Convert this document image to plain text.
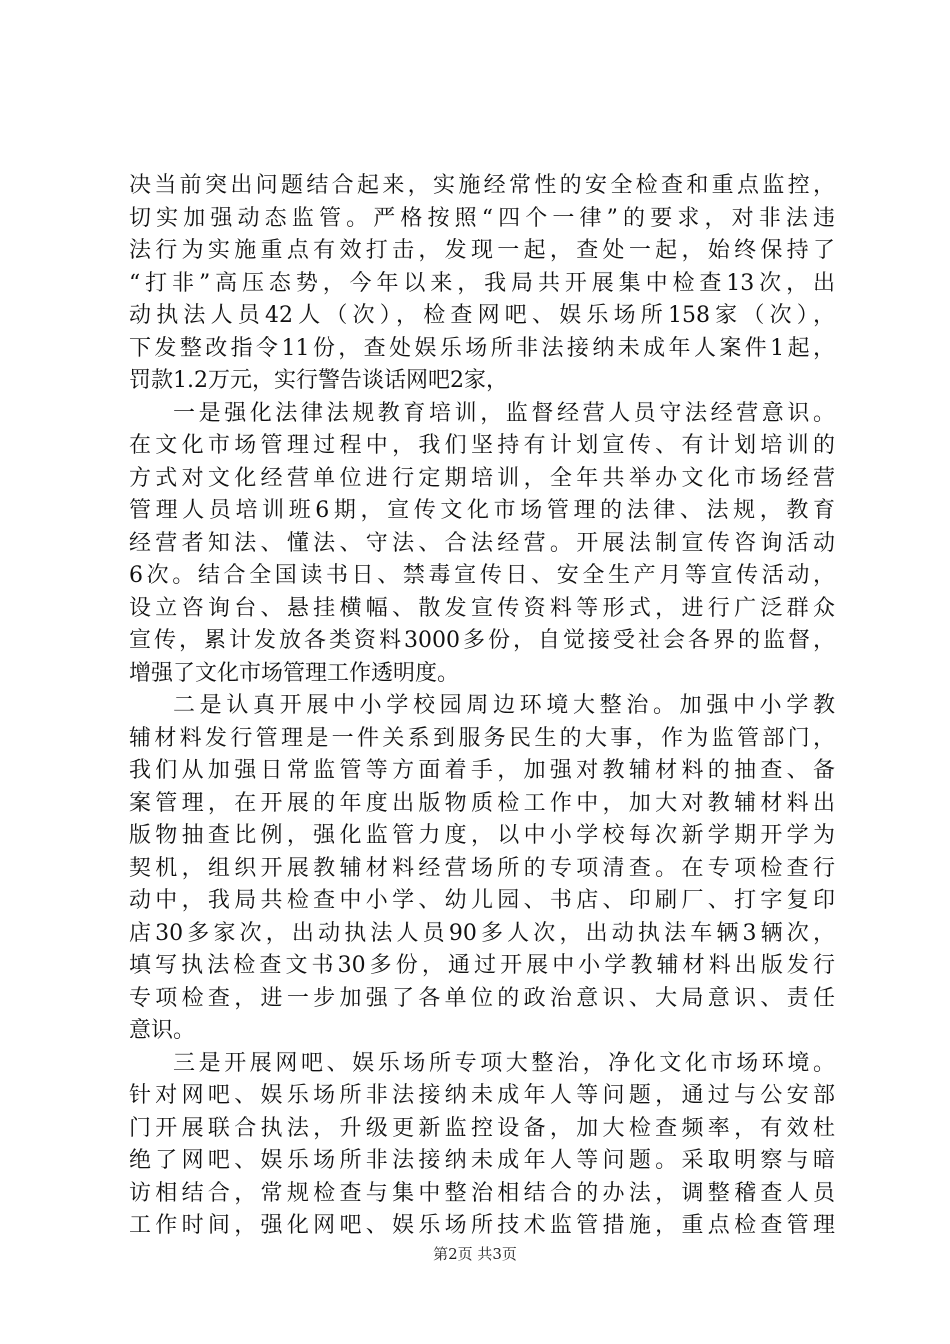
决当前突出问题结合起来，实施经常性的安全检查和重点监控，
切实加强动态监管。严格按照“四个一律”的要求，对非法违
法行为实施重点有效打击，发现一起，查处一起，始终保持了
“打非”高压态势，今年以来，我局共开展集中检查13次，出
动执法人员42人（次），检查网吧、娱乐场所158家（次），
下发整改指令11份，查处娱乐场所非法接纳未成年人案件1起，
罚款1.2万元，实行警告谈话网吧2家，
一是强化法律法规教育培训，监督经营人员守法经营意识。
在文化市场管理过程中，我们坚持有计划宣传、有计划培训的
方式对文化经营单位进行定期培训，全年共举办文化市场经营
管理人员培训班6期，宣传文化市场管理的法律、法规，教育
经营者知法、懂法、守法、合法经营。开展法制宣传咨询活动
6次。结合全国读书日、禁毒宣传日、安全生产月等宣传活动，
设立咨询台、悬挂横幅、散发宣传资料等形式，进行广泛群众
宣传，累计发放各类资料3000多份，自觉接受社会各界的监督，
增强了文化市场管理工作透明度。
二是认真开展中小学校园周边环境大整治。加强中小学教
辅材料发行管理是一件关系到服务民生的大事，作为监管部门，
我们从加强日常监管等方面着手，加强对教辅材料的抽查、备
案管理，在开展的年度出版物质检工作中，加大对教辅材料出
版物抽查比例，强化监管力度，以中小学校每次新学期开学为
契机，组织开展教辅材料经营场所的专项清查。在专项检查行
动中，我局共检查中小学、幼儿园、书店、印刷厂、打字复印
店30多家次，出动执法人员90多人次，出动执法车辆3辆次，
填写执法检查文书30多份，通过开展中小学教辅材料出版发行
专项检查，进一步加强了各单位的政治意识、大局意识、责任
意识。
三是开展网吧、娱乐场所专项大整治，净化文化市场环境。
针对网吧、娱乐场所非法接纳未成年人等问题，通过与公安部
门开展联合执法，升级更新监控设备，加大检查频率，有效杜
绝了网吧、娱乐场所非法接纳未成年人等问题。采取明察与暗
访相结合，常规检查与集中整治相结合的办法，调整稽查人员
工作时间，强化网吧、娱乐场所技术监管措施，重点检查管理
第2页 共3页
